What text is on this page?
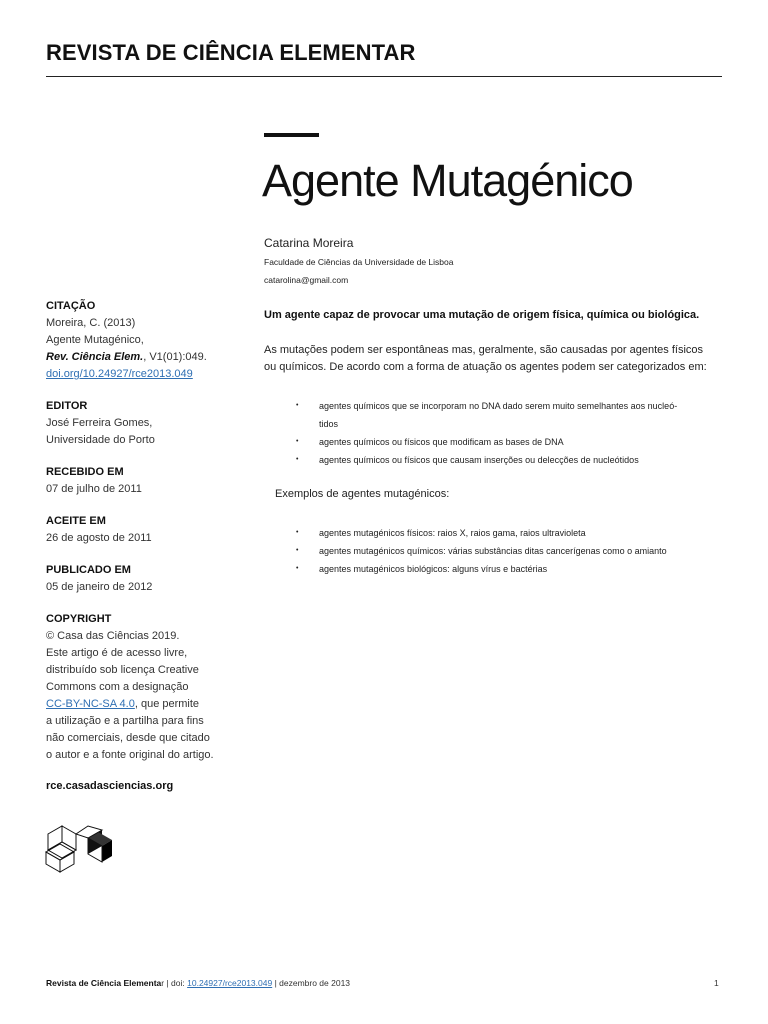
REVISTA DE CIÊNCIA ELEMENTAR
Agente Mutagénico
Catarina Moreira
Faculdade de Ciências da Universidade de Lisboa
catarolina@gmail.com
CITAÇÃO
Moreira, C. (2013)
Agente Mutagénico,
Rev. Ciência Elem., V1(01):049.
doi.org/10.24927/rce2013.049
EDITOR
José Ferreira Gomes,
Universidade do Porto
RECEBIDO EM
07 de julho de 2011
ACEITE EM
26 de agosto de 2011
PUBLICADO EM
05 de janeiro de 2012
COPYRIGHT
© Casa das Ciências 2019.
Este artigo é de acesso livre,
distribuído sob licença Creative
Commons com a designação
CC-BY-NC-SA 4.0, que permite
a utilização e a partilha para fins
não comerciais, desde que citado
o autor e a fonte original do artigo.
rce.casadasciencias.org

Um agente capaz de provocar uma mutação de origem física, química ou biológica.

As mutações podem ser espontâneas mas, geralmente, são causadas por agentes físicos
ou químicos. De acordo com a forma de atuação os agentes podem ser categorizados em:
• agentes químicos que se incorporam no DNA dado serem muito semelhantes aos nucleó-
tidos
• agentes químicos ou físicos que modificam as bases de DNA
• agentes químicos ou físicos que causam inserções ou delecções de nucleótidos
Exemplos de agentes mutagénicos:
• agentes mutagénicos físicos: raios X, raios gama, raios ultravioleta
• agentes mutagénicos químicos: várias substâncias ditas cancerígenas como o amianto
• agentes mutagénicos biológicos: alguns vírus e bactérias
Revista de Ciência Elementar | doi: 10.24927/rce2013.049 | dezembro de 2013	1
